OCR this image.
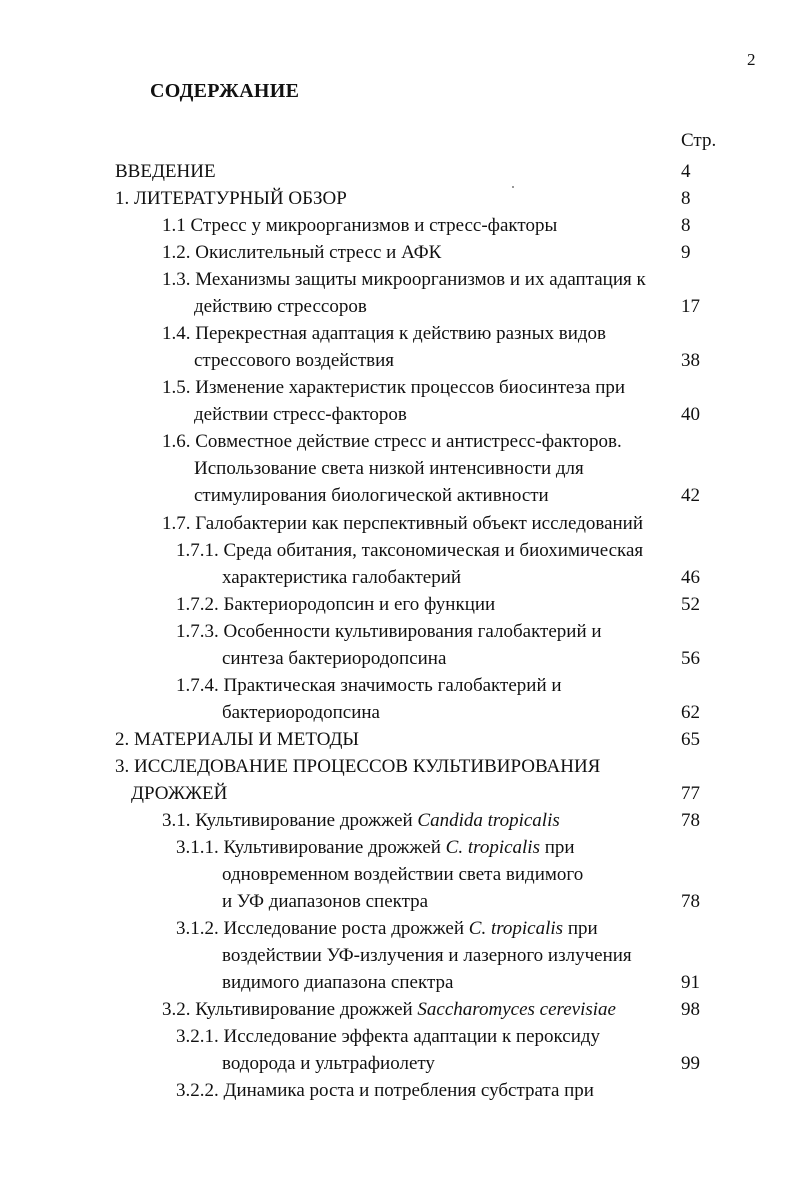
2
СОДЕРЖАНИЕ
Стр.
ВВЕДЕНИЕ	4
1. ЛИТЕРАТУРНЫЙ ОБЗОР	8
1.1 Стресс у микроорганизмов и стресс-факторы	8
1.2. Окислительный стресс и АФК	9
1.3. Механизмы защиты микроорганизмов и их адаптация к
действию стрессоров	17
1.4. Перекрестная адаптация к действию разных видов
стрессового воздействия	38
1.5. Изменение характеристик процессов биосинтеза при
действии стресс-факторов	40
1.6. Совместное действие стресс и антистресс-факторов.
Использование света низкой интенсивности для
стимулирования биологической активности	42
1.7. Галобактерии как перспективный объект исследований
1.7.1. Среда обитания, таксономическая и биохимическая
характеристика галобактерий	46
1.7.2. Бактериородопсин и его функции	52
1.7.3. Особенности культивирования галобактерий и
синтеза бактериородопсина	56
1.7.4. Практическая значимость галобактерий и
бактериородопсина	62
2. МАТЕРИАЛЫ И МЕТОДЫ	65
3. ИССЛЕДОВАНИЕ ПРОЦЕССОВ КУЛЬТИВИРОВАНИЯ
ДРОЖЖЕЙ	77
3.1. Культивирование дрожжей Candida tropicalis	78
3.1.1. Культивирование дрожжей C. tropicalis при
одновременном воздействии света видимого
и УФ диапазонов спектра	78
3.1.2. Исследование роста дрожжей C. tropicalis при
воздействии УФ-излучения и лазерного излучения
видимого диапазона спектра	91
3.2. Культивирование дрожжей Saccharomyces cerevisiae	98
3.2.1. Исследование эффекта адаптации к пероксиду
водорода и ультрафиолету	99
3.2.2. Динамика роста и потребления субстрата при
